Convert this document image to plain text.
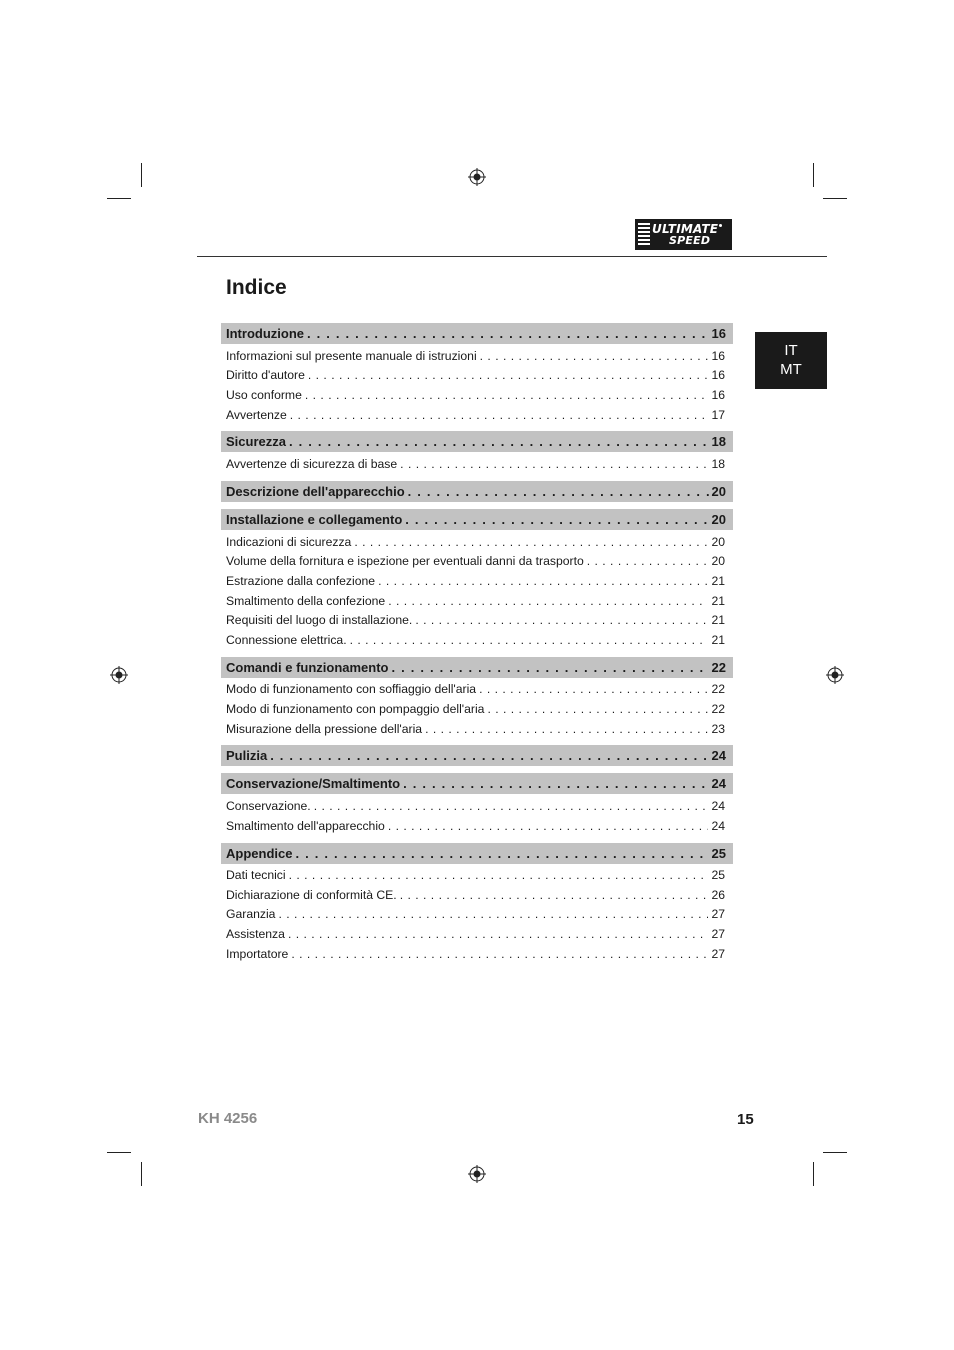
ULTIMATE
SPEED
Indice
IT
MT
Introduzione . . .	16
Informazioni sul presente manuale di istruzioni . . .	16
Diritto d'autore . . .	16
Uso conforme . . .	16
Avvertenze . . .	17
Sicurezza . . .	18
Avvertenze di sicurezza di base . . .	18
Descrizione dell'apparecchio . . .	20
Installazione e collegamento . . .	20
Indicazioni di sicurezza . . .	20
Volume della fornitura e ispezione per eventuali danni da trasporto . . .	20
Estrazione dalla confezione . . .	21
Smaltimento della confezione . . .	21
Requisiti del luogo di installazione. . . .	21
Connessione elettrica. . . .	21
Comandi e funzionamento . . .	22
Modo di funzionamento con soffiaggio dell'aria . . .	22
Modo di funzionamento con pompaggio dell'aria . . .	22
Misurazione della pressione dell'aria . . .	23
Pulizia . . .	24
Conservazione/Smaltimento . . .	24
Conservazione. . . .	24
Smaltimento dell'apparecchio . . .	24
Appendice . . .	25
Dati tecnici . . .	25
Dichiarazione di conformità CE. . . .	26
Garanzia . . .	27
Assistenza . . .	27
Importatore . . .	27
KH 4256	15
